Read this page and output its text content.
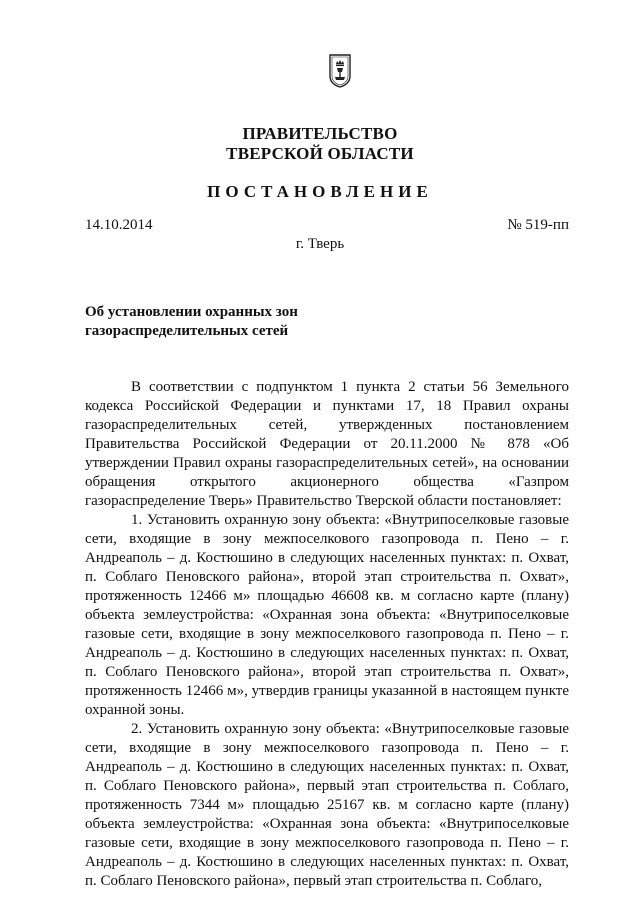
ПРАВИТЕЛЬСТВО
ТВЕРСКОЙ ОБЛАСТИ
ПОСТАНОВЛЕНИЕ
14.10.2014	№ 519-пп
г. Тверь
Об установлении охранных зон
газораспределительных сетей

В соответствии с подпунктом 1 пункта 2 статьи 56 Земельного кодекса Российской Федерации и пунктами 17, 18 Правил охраны газораспределительных сетей, утвержденных постановлением Правительства Российской Федерации от 20.11.2000 № 878 «Об утверждении Правил охраны газораспределительных сетей», на основании обращения открытого акционерного общества «Газпром газораспределение Тверь» Правительство Тверской области постановляет:

1. Установить охранную зону объекта: «Внутрипоселковые газовые сети, входящие в зону межпоселкового газопровода п. Пено – г. Андреаполь – д. Костюшино в следующих населенных пунктах: п. Охват, п. Соблаго Пеновского района», второй этап строительства п. Охват», протяженность 12466 м» площадью 46608 кв. м согласно карте (плану) объекта землеустройства: «Охранная зона объекта: «Внутрипоселковые газовые сети, входящие в зону межпоселкового газопровода п. Пено – г. Андреаполь – д. Костюшино в следующих населенных пунктах: п. Охват, п. Соблаго Пеновского района», второй этап строительства п. Охват», протяженность 12466 м», утвердив границы указанной в настоящем пункте охранной зоны.

2. Установить охранную зону объекта: «Внутрипоселковые газовые сети, входящие в зону межпоселкового газопровода п. Пено – г. Андреаполь – д. Костюшино в следующих населенных пунктах: п. Охват, п. Соблаго Пеновского района», первый этап строительства п. Соблаго, протяженность 7344 м» площадью 25167 кв. м согласно карте (плану) объекта землеустройства: «Охранная зона объекта: «Внутрипоселковые газовые сети, входящие в зону межпоселкового газопровода п. Пено – г. Андреаполь – д. Костюшино в следующих населенных пунктах: п. Охват, п. Соблаго Пеновского района», первый этап строительства п. Соблаго,
